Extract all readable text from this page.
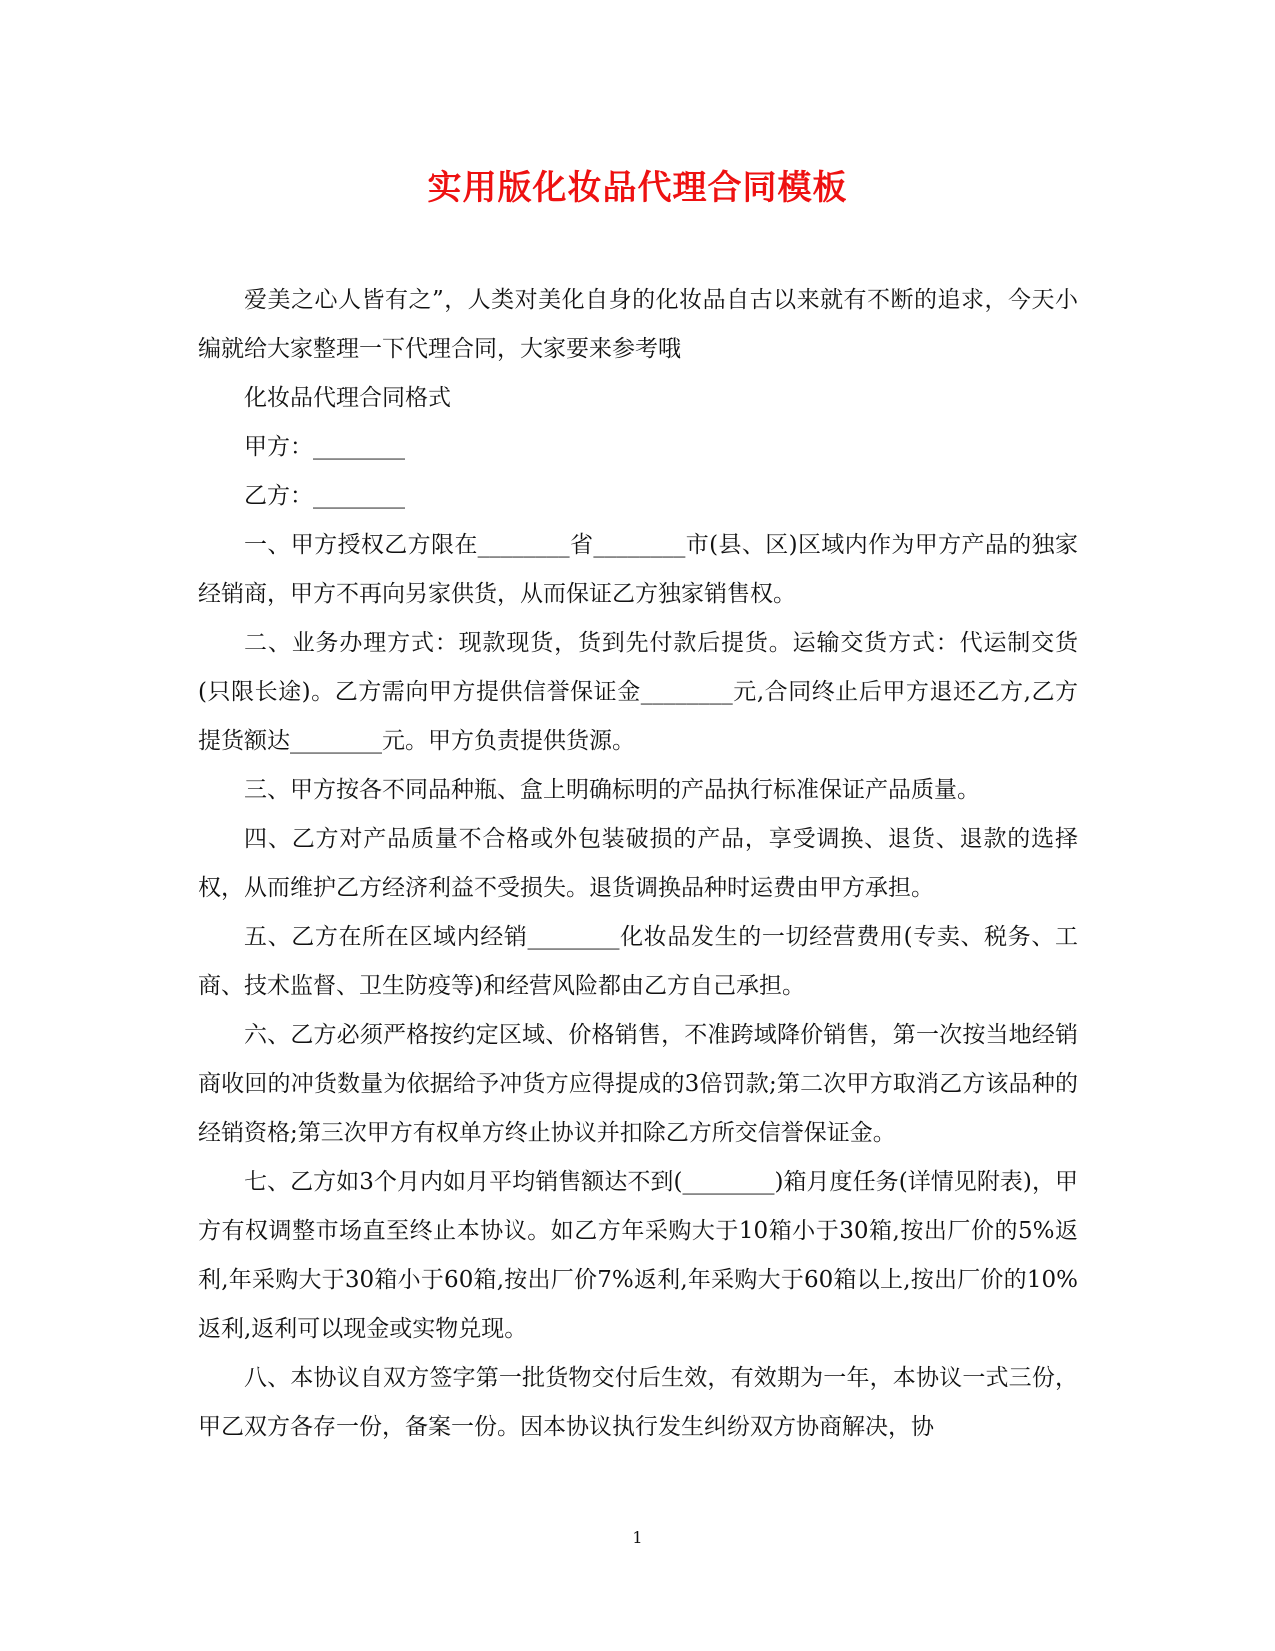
实用版化妆品代理合同模板

爱美之心人皆有之”，人类对美化自身的化妆品自古以来就有不断的追求，今天小编就给大家整理一下代理合同，大家要来参考哦

化妆品代理合同格式

甲方：________

乙方：________

一、甲方授权乙方限在________省________市(县、区)区域内作为甲方产品的独家经销商，甲方不再向另家供货，从而保证乙方独家销售权。

二、业务办理方式：现款现货，货到先付款后提货。运输交货方式：代运制交货(只限长途)。乙方需向甲方提供信誉保证金________元,合同终止后甲方退还乙方,乙方提货额达________元。甲方负责提供货源。

三、甲方按各不同品种瓶、盒上明确标明的产品执行标准保证产品质量。

四、乙方对产品质量不合格或外包装破损的产品，享受调换、退货、退款的选择权，从而维护乙方经济利益不受损失。退货调换品种时运费由甲方承担。

五、乙方在所在区域内经销________化妆品发生的一切经营费用(专卖、税务、工商、技术监督、卫生防疫等)和经营风险都由乙方自己承担。

六、乙方必须严格按约定区域、价格销售，不准跨域降价销售，第一次按当地经销商收回的冲货数量为依据给予冲货方应得提成的3倍罚款;第二次甲方取消乙方该品种的经销资格;第三次甲方有权单方终止协议并扣除乙方所交信誉保证金。

七、乙方如3个月内如月平均销售额达不到(________)箱月度任务(详情见附表)，甲方有权调整市场直至终止本协议。如乙方年采购大于10箱小于30箱,按出厂价的5%返利,年采购大于30箱小于60箱,按出厂价7%返利,年采购大于60箱以上,按出厂价的10%返利,返利可以现金或实物兑现。

八、本协议自双方签字第一批货物交付后生效，有效期为一年，本协议一式三份，甲乙双方各存一份，备案一份。因本协议执行发生纠纷双方协商解决，协

1
